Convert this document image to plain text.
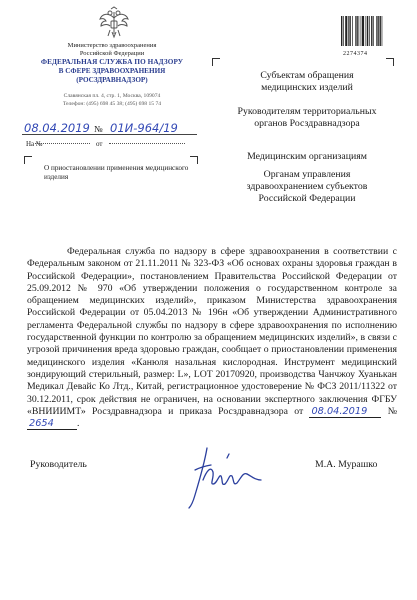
Министерство здравоохранения
Российской Федерации
ФЕДЕРАЛЬНАЯ СЛУЖБА ПО НАДЗОРУ
В СФЕРЕ ЗДРАВООХРАНЕНИЯ
(РОСЗДРАВНАДЗОР)
Славянская пл. 4, стр. 1, Москва, 109074
Телефон: (495) 698 45 38; (495) 698 15 74
08.04.2019 № 01И-964/19
На №	от
О приостановлении применения медицинского изделия
2274374
Субъектам обращения медицинских изделий
Руководителям территориальных органов Росздравнадзора
Медицинским организациям
Органам управления здравоохранением субъектов Российской Федерации

Федеральная служба по надзору в сфере здравоохранения в соответствии с Федеральным законом от 21.11.2011 № 323-ФЗ «Об основах охраны здоровья граждан в Российской Федерации», постановлением Правительства Российской Федерации от 25.09.2012 № 970 «Об утверждении положения о государственном контроле за обращением медицинских изделий», приказом Министерства здравоохранения Российской Федерации от 05.04.2013 № 196н «Об утверждении Административного регламента Федеральной службы по надзору в сфере здравоохранения по исполнению государственной функции по контролю за обращением медицинских изделий», в связи с угрозой причинения вреда здоровью граждан, сообщает о приостановлении применения медицинского изделия «Канюля назальная кислородная. Инструмент медицинский зондирующий стерильный, размер: L», LOT 20170920, производства Чанчжоу Хуанькан Медикал Девайс Ко Лтд., Китай, регистрационное удостоверение № ФСЗ 2011/11322 от 30.12.2011, срок действия не ограничен, на основании экспертного заключения ФГБУ «ВНИИИМТ» Росздравнадзора и приказа Росздравнадзора от 08.04.2019 № 2654 .

Руководитель	М.А. Мурашко
